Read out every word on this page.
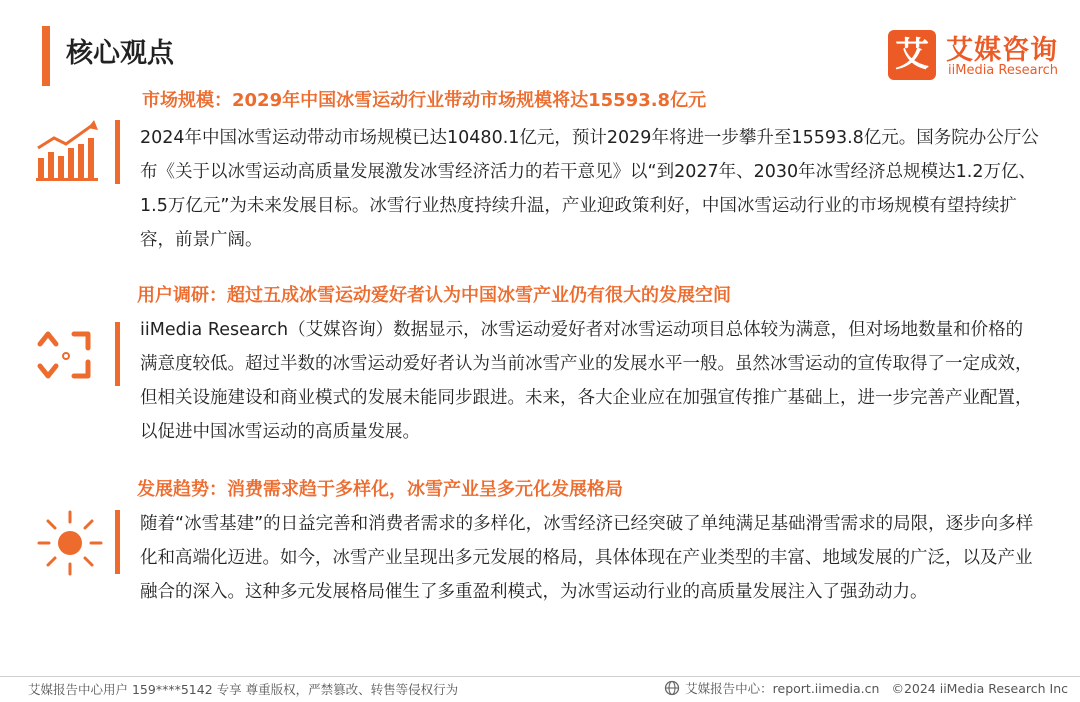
核心观点	艾 艾媒咨询
iiMedia Research
市场规模：2029年中国冰雪运动行业带动市场规模将达15593.8亿元
2024年中国冰雪运动带动市场规模已达10480.1亿元，预计2029年将进一步攀升至15593.8亿元。国务院办公厅公布《关于以冰雪运动高质量发展激发冰雪经济活力的若干意见》以“到2027年、2030年冰雪经济总规模达1.2万亿、1.5万亿元”为未来发展目标。冰雪行业热度持续升温，产业迎政策利好，中国冰雪运动行业的市场规模有望持续扩容，前景广阔。
用户调研：超过五成冰雪运动爱好者认为中国冰雪产业仍有很大的发展空间
iiMedia Research（艾媒咨询）数据显示，冰雪运动爱好者对冰雪运动项目总体较为满意，但对场地数量和价格的满意度较低。超过半数的冰雪运动爱好者认为当前冰雪产业的发展水平一般。虽然冰雪运动的宣传取得了一定成效，但相关设施建设和商业模式的发展未能同步跟进。未来，各大企业应在加强宣传推广基础上，进一步完善产业配置，以促进中国冰雪运动的高质量发展。
发展趋势：消费需求趋于多样化，冰雪产业呈多元化发展格局
随着“冰雪基建”的日益完善和消费者需求的多样化，冰雪经济已经突破了单纯满足基础滑雪需求的局限，逐步向多样化和高端化迈进。如今，冰雪产业呈现出多元发展的格局，具体体现在产业类型的丰富、地域发展的广泛，以及产业融合的深入。这种多元发展格局催生了多重盈利模式，为冰雪运动行业的高质量发展注入了强劲动力。
艾媒报告中心用户 159****5142 专享 尊重版权，严禁篡改、转售等侵权行为	艾媒报告中心： report.iimedia.cn ©2024 iiMedia Research Inc
